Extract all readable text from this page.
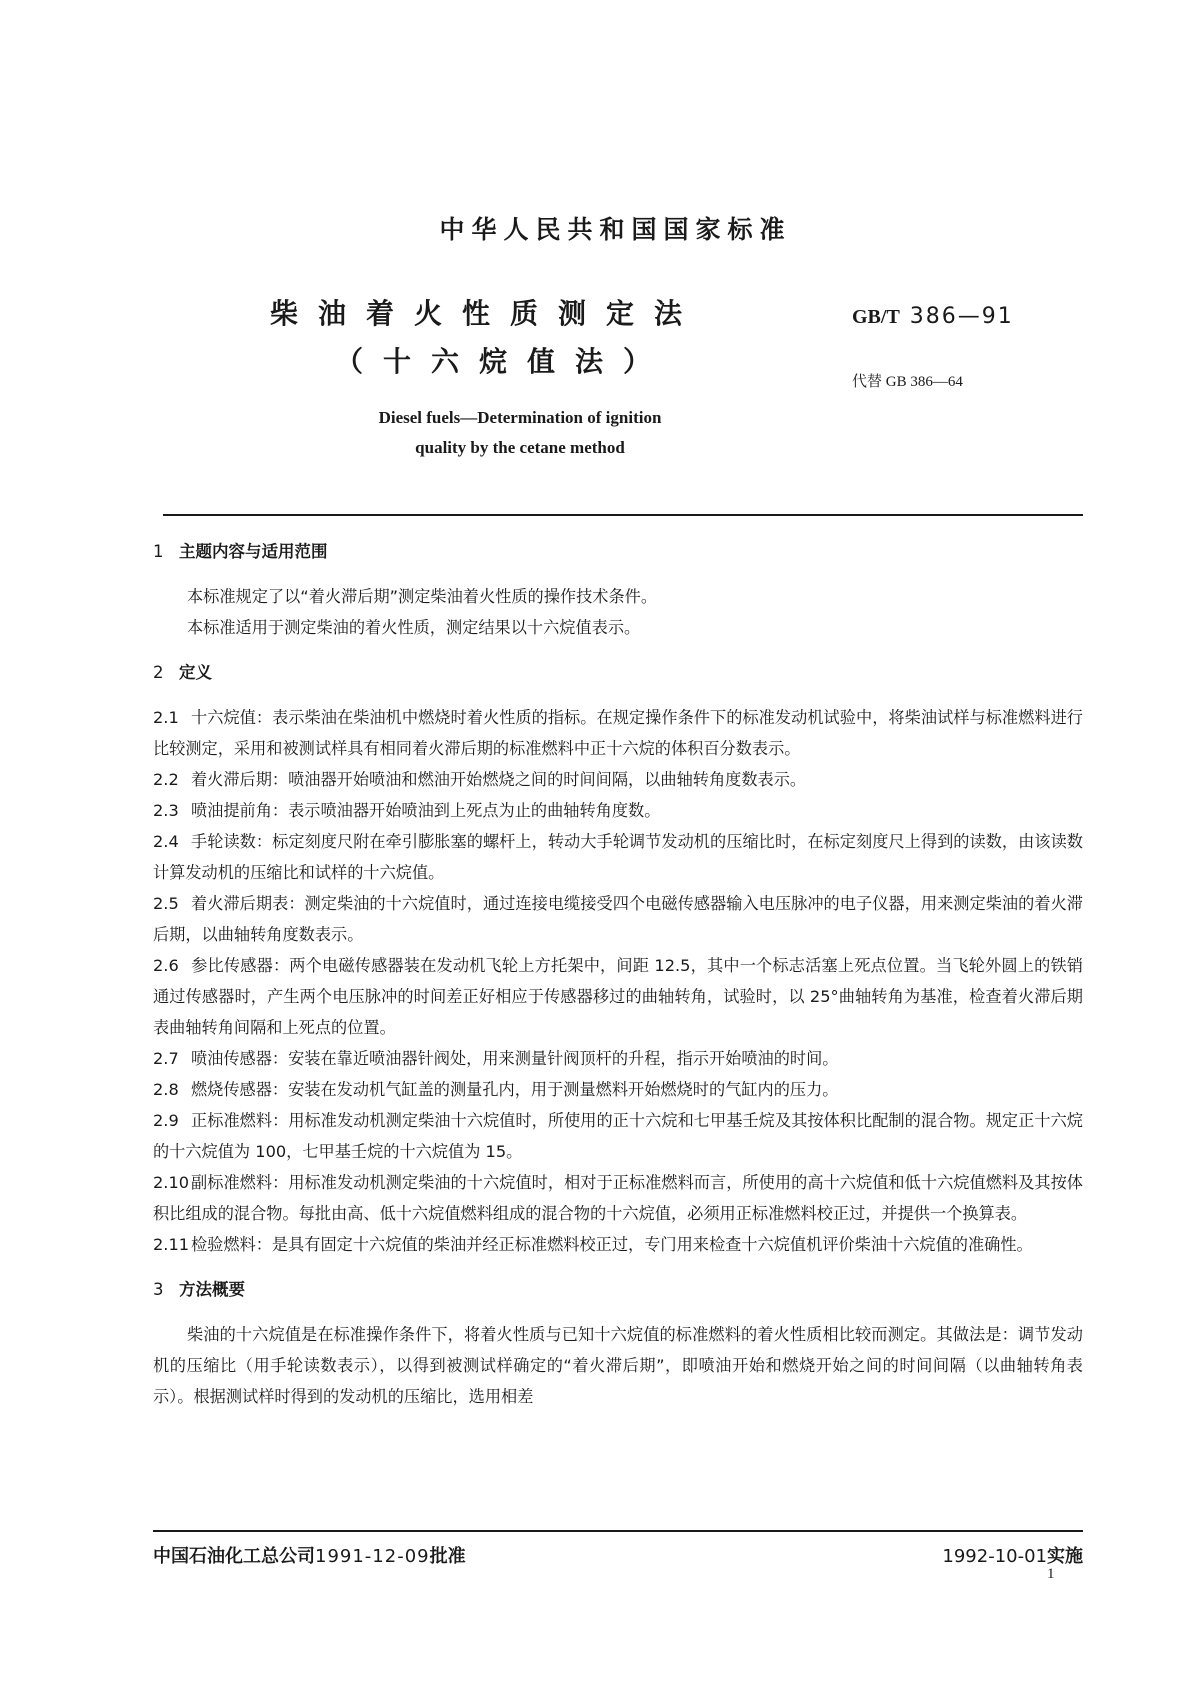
中华人民共和国国家标准
柴油着火性质测定法
（十六烷值法）
GB/T 386—91
代替 GB 386—64
Diesel fuels—Determination of ignition
quality by the cetane method

1 主题内容与适用范围

本标准规定了以“着火滞后期”测定柴油着火性质的操作技术条件。

本标准适用于测定柴油的着火性质，测定结果以十六烷值表示。

2 定义

2.1 十六烷值：表示柴油在柴油机中燃烧时着火性质的指标。在规定操作条件下的标准发动机试验中，将柴油试样与标准燃料进行比较测定，采用和被测试样具有相同着火滞后期的标准燃料中正十六烷的体积百分数表示。

2.2 着火滞后期：喷油器开始喷油和燃油开始燃烧之间的时间间隔，以曲轴转角度数表示。

2.3 喷油提前角：表示喷油器开始喷油到上死点为止的曲轴转角度数。

2.4 手轮读数：标定刻度尺附在牵引膨胀塞的螺杆上，转动大手轮调节发动机的压缩比时，在标定刻度尺上得到的读数，由该读数计算发动机的压缩比和试样的十六烷值。

2.5 着火滞后期表：测定柴油的十六烷值时，通过连接电缆接受四个电磁传感器输入电压脉冲的电子仪器，用来测定柴油的着火滞后期，以曲轴转角度数表示。

2.6 参比传感器：两个电磁传感器装在发动机飞轮上方托架中，间距 12.5，其中一个标志活塞上死点位置。当飞轮外圆上的铁销通过传感器时，产生两个电压脉冲的时间差正好相应于传感器移过的曲轴转角，试验时，以 25°曲轴转角为基准，检查着火滞后期表曲轴转角间隔和上死点的位置。

2.7 喷油传感器：安装在靠近喷油器针阀处，用来测量针阀顶杆的升程，指示开始喷油的时间。

2.8 燃烧传感器：安装在发动机气缸盖的测量孔内，用于测量燃料开始燃烧时的气缸内的压力。

2.9 正标准燃料：用标准发动机测定柴油十六烷值时，所使用的正十六烷和七甲基壬烷及其按体积比配制的混合物。规定正十六烷的十六烷值为 100，七甲基壬烷的十六烷值为 15。

2.10 副标准燃料：用标准发动机测定柴油的十六烷值时，相对于正标准燃料而言，所使用的高十六烷值和低十六烷值燃料及其按体积比组成的混合物。每批由高、低十六烷值燃料组成的混合物的十六烷值，必须用正标准燃料校正过，并提供一个换算表。

2.11 检验燃料：是具有固定十六烷值的柴油并经正标准燃料校正过，专门用来检查十六烷值机评价柴油十六烷值的准确性。

3 方法概要

柴油的十六烷值是在标准操作条件下，将着火性质与已知十六烷值的标准燃料的着火性质相比较而测定。其做法是：调节发动机的压缩比（用手轮读数表示），以得到被测试样确定的“着火滞后期”，即喷油开始和燃烧开始之间的时间间隔（以曲轴转角表示）。根据测试样时得到的发动机的压缩比，选用相差

中国石油化工总公司1991-12-09批准	1992-10-01实施
1
